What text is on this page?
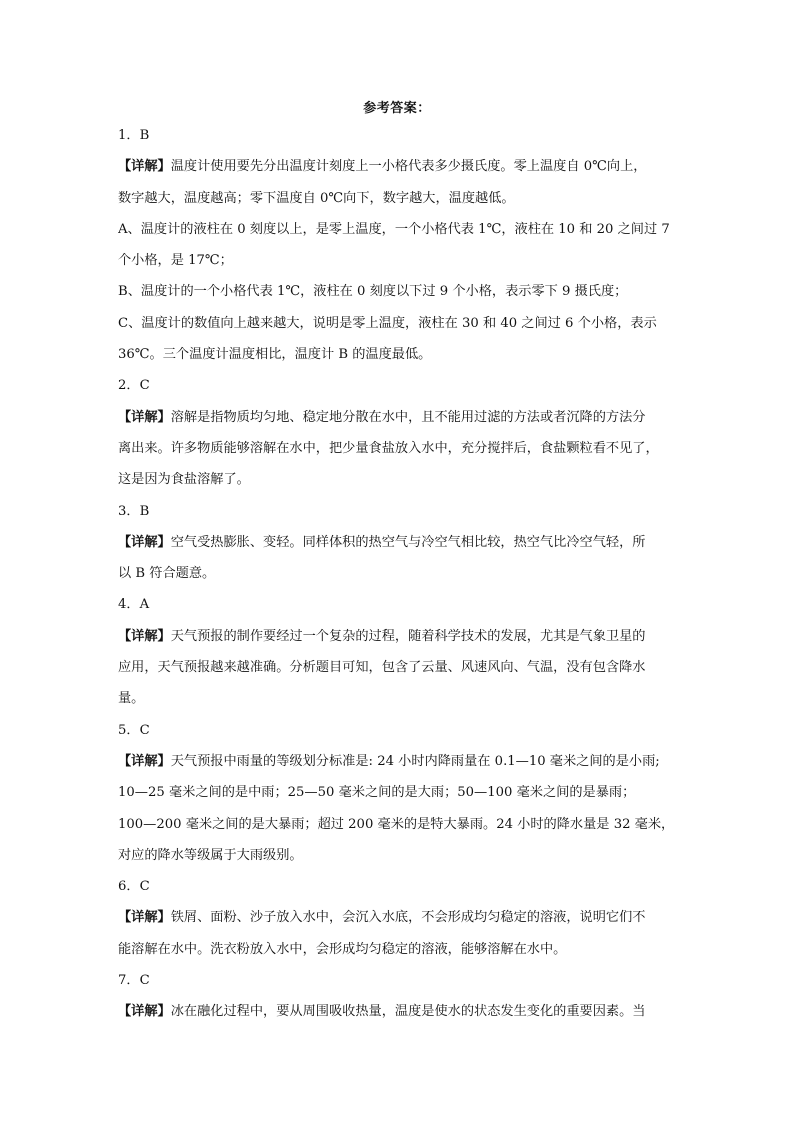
参考答案：
1．B
【详解】温度计使用要先分出温度计刻度上一小格代表多少摄氏度。零上温度自 0℃向上，
数字越大，温度越高；零下温度自 0℃向下，数字越大，温度越低。
A、温度计的液柱在 0 刻度以上，是零上温度，一个小格代表 1℃，液柱在 10 和 20 之间过 7
个小格，是 17℃；
B、温度计的一个小格代表 1℃，液柱在 0 刻度以下过 9 个小格，表示零下 9 摄氏度；
C、温度计的数值向上越来越大，说明是零上温度，液柱在 30 和 40 之间过 6 个小格，表示
36℃。三个温度计温度相比，温度计 B 的温度最低。
2．C
【详解】溶解是指物质均匀地、稳定地分散在水中，且不能用过滤的方法或者沉降的方法分
离出来。许多物质能够溶解在水中，把少量食盐放入水中，充分搅拌后，食盐颗粒看不见了，
这是因为食盐溶解了。
3．B
【详解】空气受热膨胀、变轻。同样体积的热空气与冷空气相比较，热空气比冷空气轻，所
以 B 符合题意。
4．A
【详解】天气预报的制作要经过一个复杂的过程，随着科学技术的发展，尤其是气象卫星的
应用，天气预报越来越准确。分析题目可知，包含了云量、风速风向、气温，没有包含降水
量。
5．C
【详解】天气预报中雨量的等级划分标准是: 24 小时内降雨量在 0.1—10 毫米之间的是小雨;
10—25 毫米之间的是中雨；25—50 毫米之间的是大雨；50—100 毫米之间的是暴雨；
100—200 毫米之间的是大暴雨；超过 200 毫米的是特大暴雨。24 小时的降水量是 32 毫米，
对应的降水等级属于大雨级别。
6．C
【详解】铁屑、面粉、沙子放入水中，会沉入水底，不会形成均匀稳定的溶液，说明它们不
能溶解在水中。洗衣粉放入水中，会形成均匀稳定的溶液，能够溶解在水中。
7．C
【详解】冰在融化过程中，要从周围吸收热量，温度是使水的状态发生变化的重要因素。当
